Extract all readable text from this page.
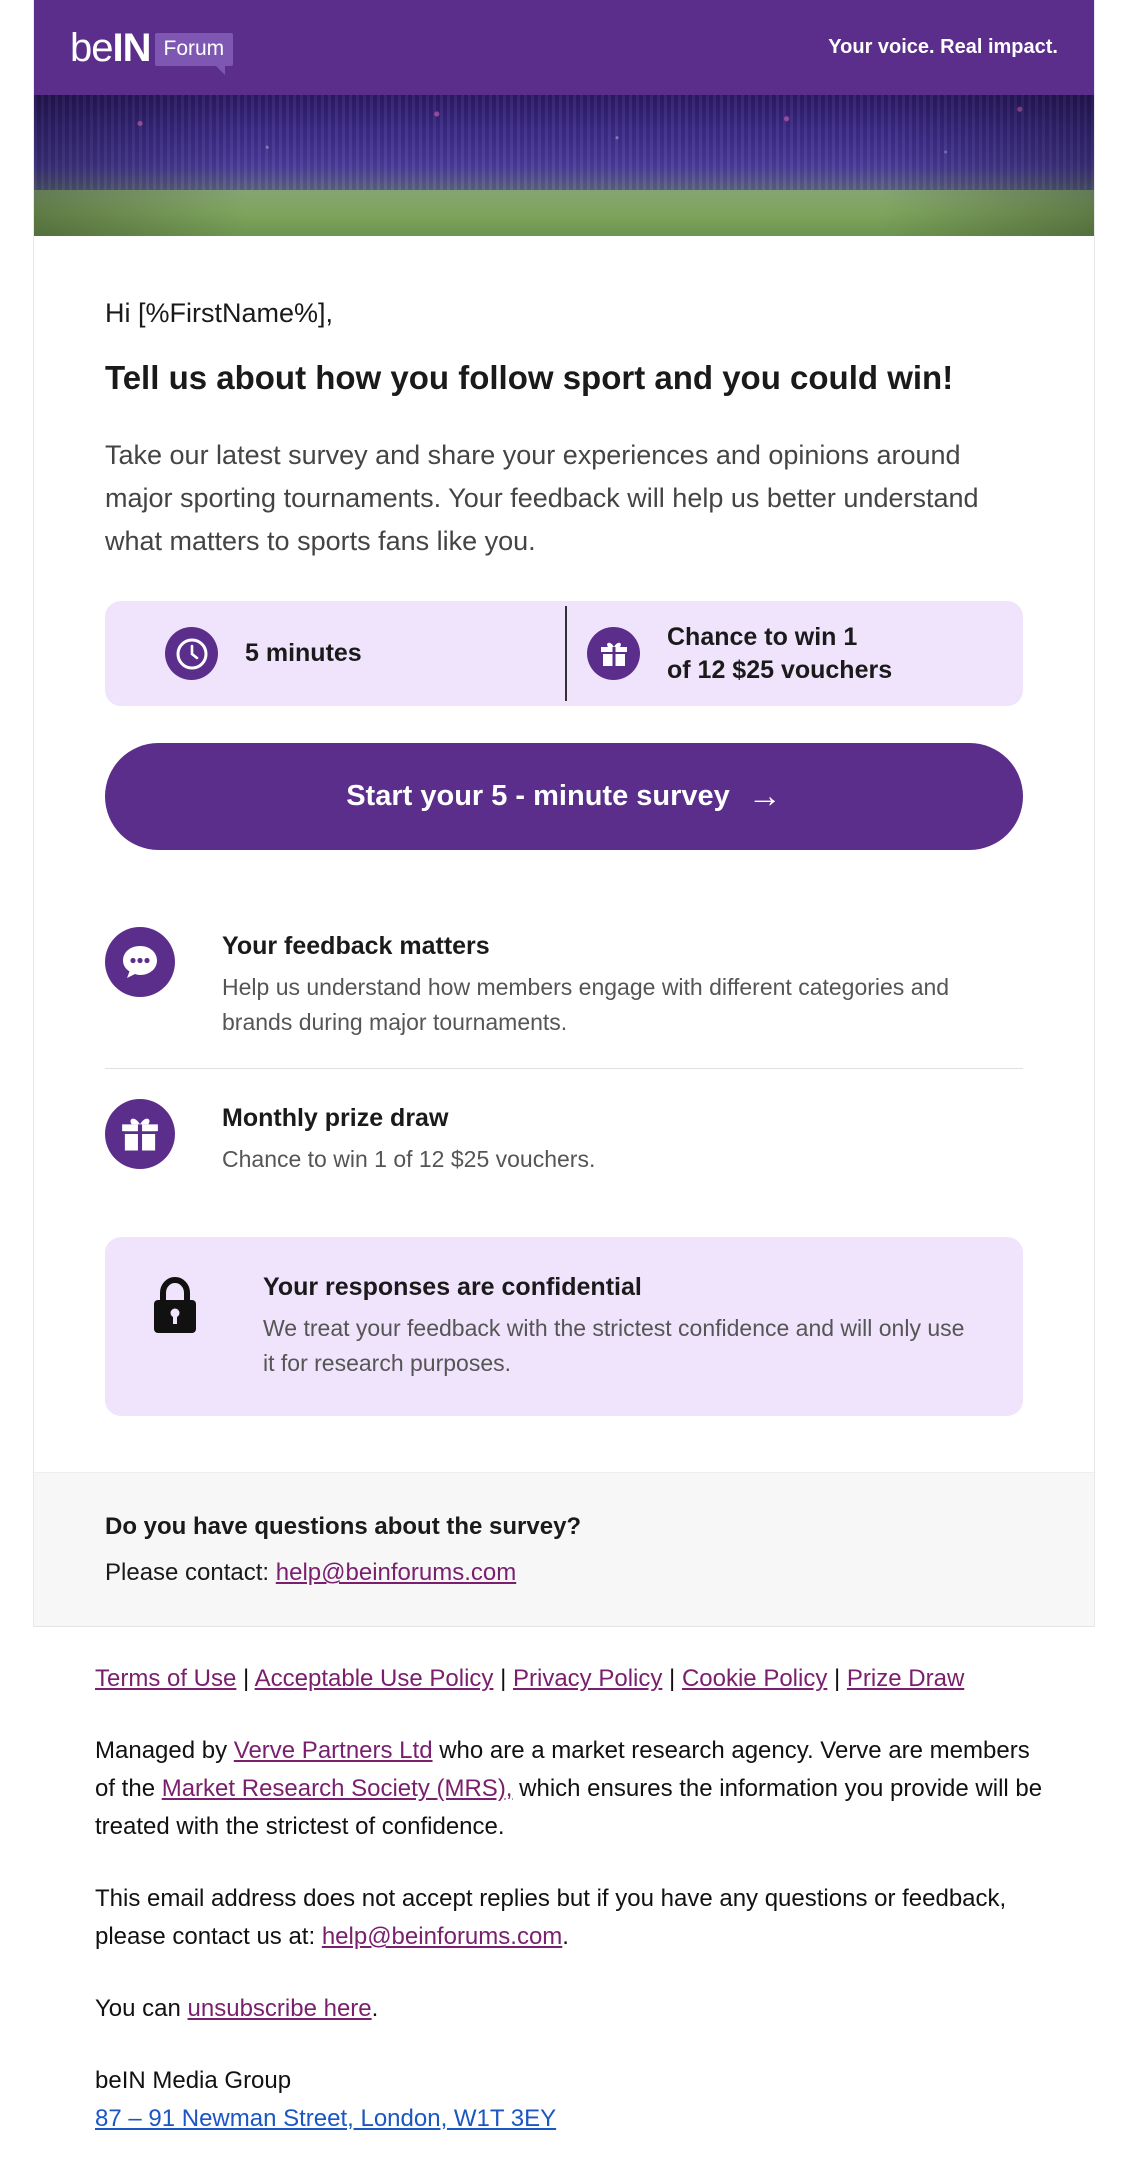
beIN Forum	Your voice. Real impact.

Hi [%FirstName%],

Tell us about how you follow sport and you could win!

Take our latest survey and share your experiences and opinions around major sporting tournaments. Your feedback will help us better understand what matters to sports fans like you.

5 minutes
Chance to win 1
of 12 $25 vouchers
Start your 5 - minute survey →
Your feedback matters
Help us understand how members engage with different categories and brands during major tournaments.
Monthly prize draw
Chance to win 1 of 12 $25 vouchers.
Your responses are confidential
We treat your feedback with the strictest confidence and will only use it for research purposes.
Do you have questions about the survey?
Please contact: help@beinforums.com

Terms of Use | Acceptable Use Policy | Privacy Policy | Cookie Policy | Prize Draw

Managed by Verve Partners Ltd who are a market research agency. Verve are members of the Market Research Society (MRS), which ensures the information you provide will be treated with the strictest of confidence.

This email address does not accept replies but if you have any questions or feedback, please contact us at: help@beinforums.com.

You can unsubscribe here.

beIN Media Group
87 – 91 Newman Street, London, W1T 3EY
